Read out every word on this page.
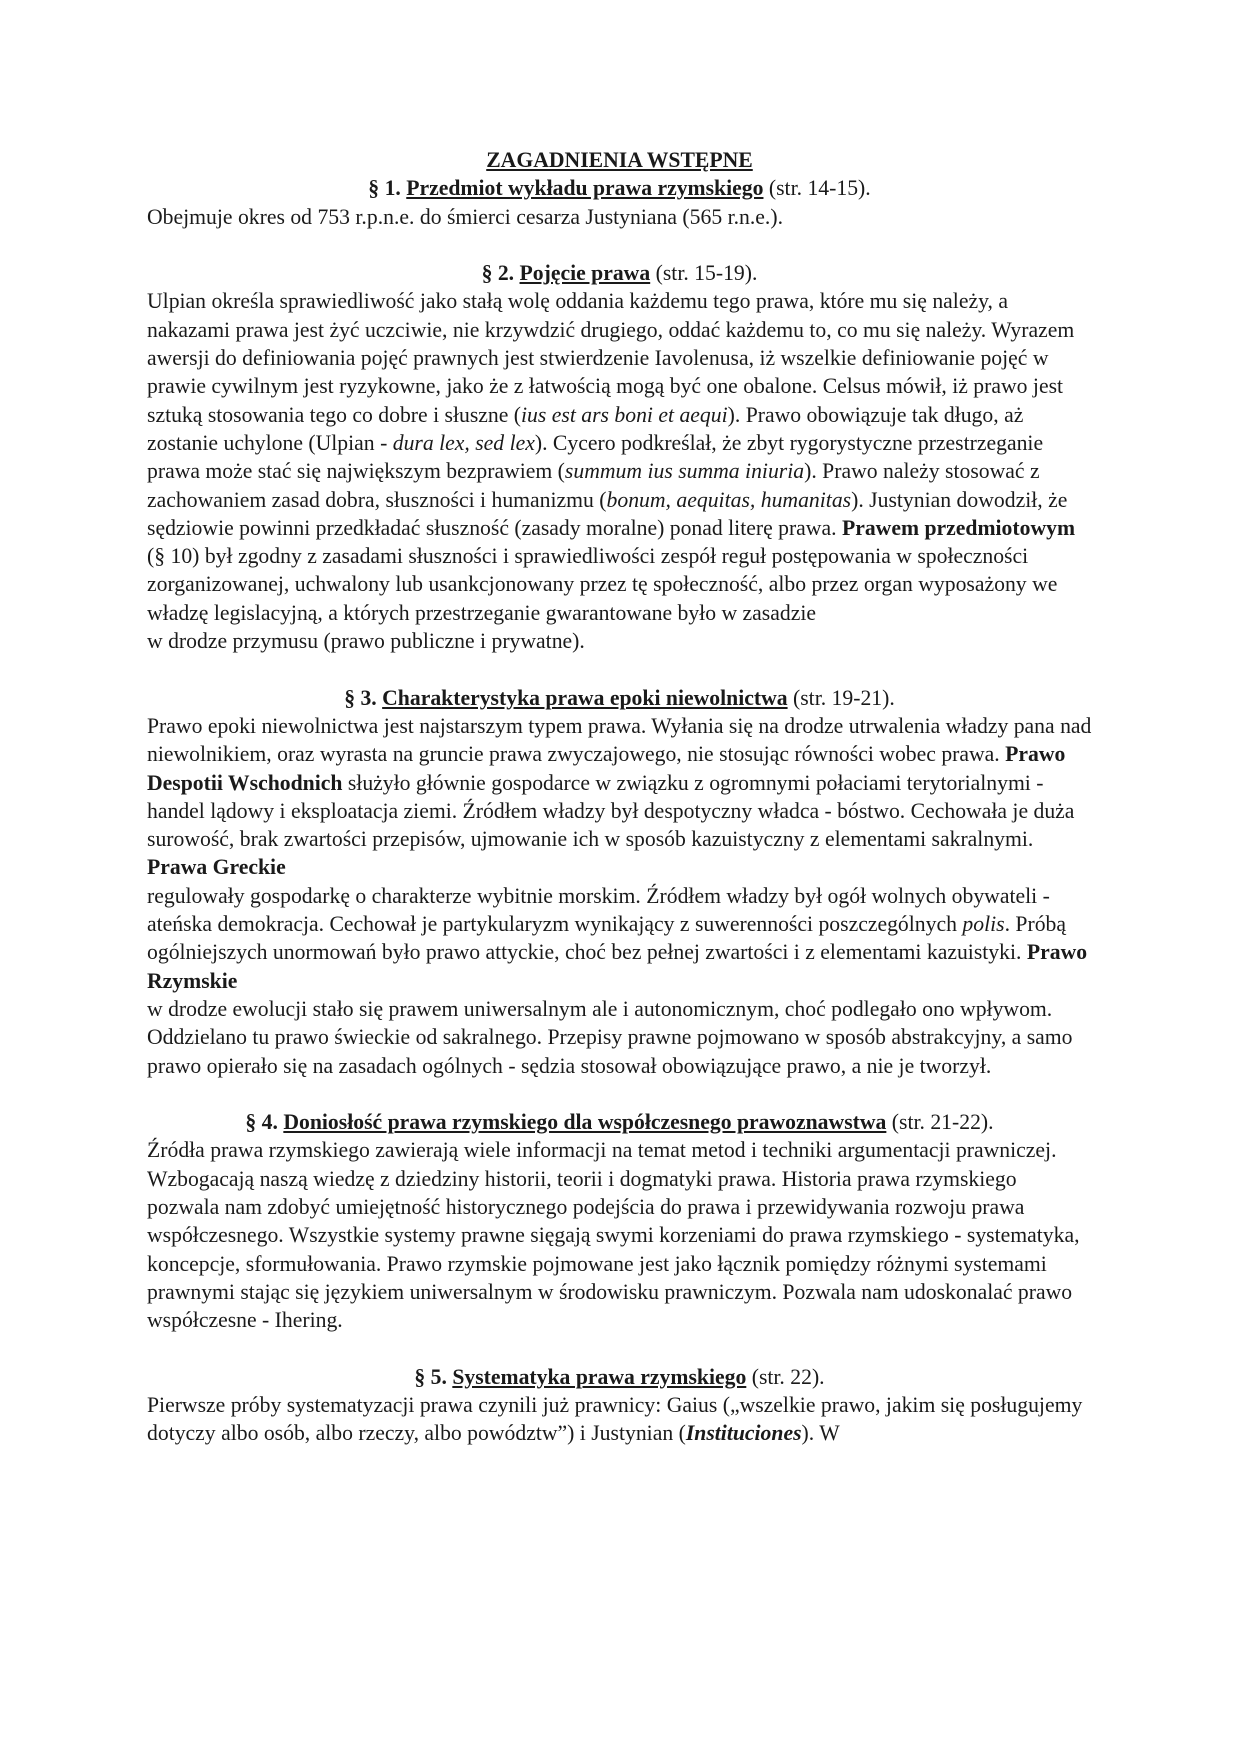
ZAGADNIENIA WSTĘPNE

§ 1. Przedmiot wykładu prawa rzymskiego (str. 14-15).

Obejmuje okres od 753 r.p.n.e. do śmierci cesarza Justyniana (565 r.n.e.).

§ 2. Pojęcie prawa (str. 15-19).

Ulpian określa sprawiedliwość jako stałą wolę oddania każdemu tego prawa, które mu się należy, a nakazami prawa jest żyć uczciwie, nie krzywdzić drugiego, oddać każdemu to, co mu się należy. Wyrazem awersji do definiowania pojęć prawnych jest stwierdzenie Iavolenusa, iż wszelkie definiowanie pojęć w prawie cywilnym jest ryzykowne, jako że z łatwością mogą być one obalone. Celsus mówił, iż prawo jest sztuką stosowania tego co dobre i słuszne (ius est ars boni et aequi). Prawo obowiązuje tak długo, aż zostanie uchylone (Ulpian - dura lex, sed lex). Cycero podkreślał, że zbyt rygorystyczne przestrzeganie prawa może stać się największym bezprawiem (summum ius summa iniuria). Prawo należy stosować z zachowaniem zasad dobra, słuszności i humanizmu (bonum, aequitas, humanitas). Justynian dowodził, że sędziowie powinni przedkładać słuszność (zasady moralne) ponad literę prawa. Prawem przedmiotowym (§ 10) był zgodny z zasadami słuszności i sprawiedliwości zespół reguł postępowania w społeczności zorganizowanej, uchwalony lub usankcjonowany przez tę społeczność, albo przez organ wyposażony we władzę legislacyjną, a których przestrzeganie gwarantowane było w zasadzie

w drodze przymusu (prawo publiczne i prywatne).

§ 3. Charakterystyka prawa epoki niewolnictwa (str. 19-21).

Prawo epoki niewolnictwa jest najstarszym typem prawa. Wyłania się na drodze utrwalenia władzy pana nad niewolnikiem, oraz wyrasta na gruncie prawa zwyczajowego, nie stosując równości wobec prawa. Prawo Despotii Wschodnich służyło głównie gospodarce w związku z ogromnymi połaciami terytorialnymi - handel lądowy i eksploatacja ziemi. Źródłem władzy był despotyczny władca - bóstwo. Cechowała je duża surowość, brak zwartości przepisów, ujmowanie ich w sposób kazuistyczny z elementami sakralnymi. Prawa Greckie

regulowały gospodarkę o charakterze wybitnie morskim. Źródłem władzy był ogół wolnych obywateli - ateńska demokracja. Cechował je partykularyzm wynikający z suwerenności poszczególnych polis. Próbą ogólniejszych unormowań było prawo attyckie, choć bez pełnej zwartości i z elementami kazuistyki. Prawo Rzymskie

w drodze ewolucji stało się prawem uniwersalnym ale i autonomicznym, choć podlegało ono wpływom. Oddzielano tu prawo świeckie od sakralnego. Przepisy prawne pojmowano w sposób abstrakcyjny, a samo prawo opierało się na zasadach ogólnych - sędzia stosował obowiązujące prawo, a nie je tworzył.

§ 4. Doniosłość prawa rzymskiego dla współczesnego prawoznawstwa (str. 21-22).

Źródła prawa rzymskiego zawierają wiele informacji na temat metod i techniki argumentacji prawniczej. Wzbogacają naszą wiedzę z dziedziny historii, teorii i dogmatyki prawa. Historia prawa rzymskiego pozwala nam zdobyć umiejętność historycznego podejścia do prawa i przewidywania rozwoju prawa współczesnego. Wszystkie systemy prawne sięgają swymi korzeniami do prawa rzymskiego - systematyka, koncepcje, sformułowania. Prawo rzymskie pojmowane jest jako łącznik pomiędzy różnymi systemami prawnymi stając się językiem uniwersalnym w środowisku prawniczym. Pozwala nam udoskonalać prawo współczesne - Ihering.

§ 5. Systematyka prawa rzymskiego (str. 22).

Pierwsze próby systematyzacji prawa czynili już prawnicy: Gaius („wszelkie prawo, jakim się posługujemy dotyczy albo osób, albo rzeczy, albo powództw”) i Justynian (Instituciones). W
